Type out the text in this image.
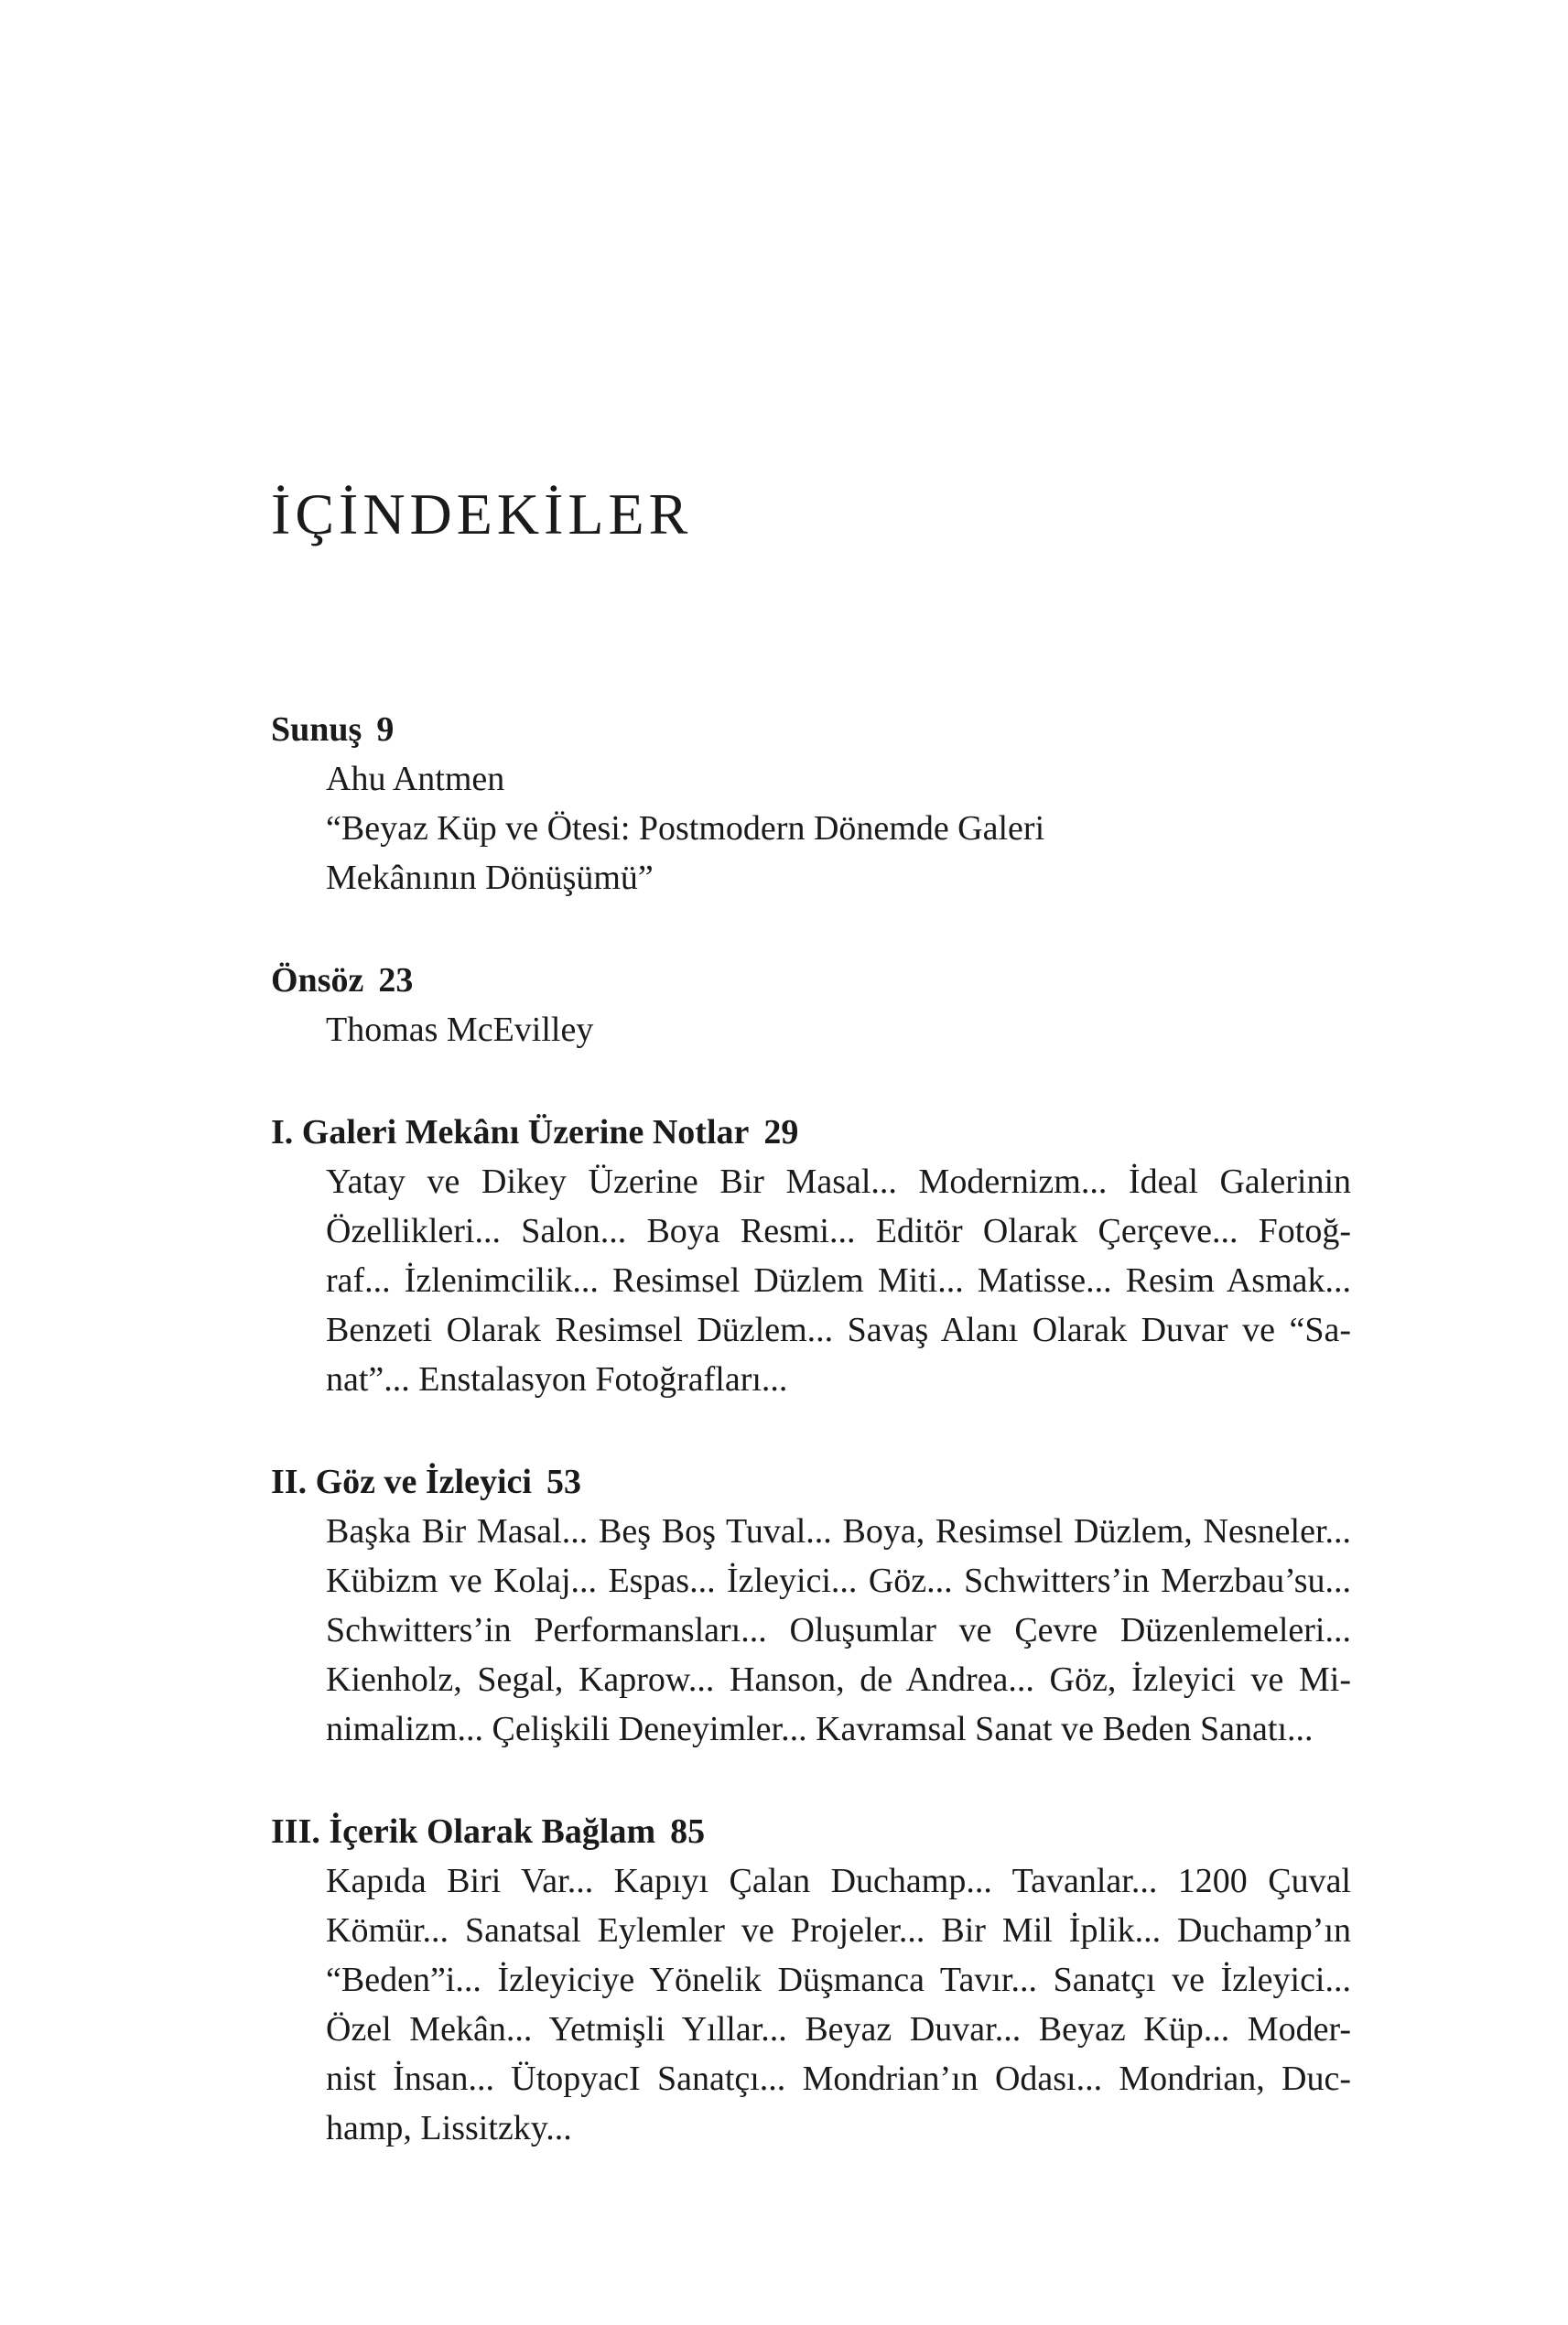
İÇİNDEKİLER

Sunuş 9

Ahu Antmen
“Beyaz Küp ve Ötesi: Postmodern Dönemde Galeri
Mekânının Dönüşümü”

Önsöz 23

Thomas McEvilley

I. Galeri Mekânı Üzerine Notlar 29

Yatay ve Dikey Üzerine Bir Masal... Modernizm... İdeal Galerinin
Özellikleri... Salon... Boya Resmi... Editör Olarak Çerçeve... Fotoğ-
raf... İzlenimcilik... Resimsel Düzlem Miti... Matisse... Resim Asmak...
Benzeti Olarak Resimsel Düzlem... Savaş Alanı Olarak Duvar ve “Sa-
nat”... Enstalasyon Fotoğrafları...

II. Göz ve İzleyici 53

Başka Bir Masal... Beş Boş Tuval... Boya, Resimsel Düzlem, Nesneler...
Kübizm ve Kolaj... Espas... İzleyici... Göz... Schwitters’in Merzbau’su...
Schwitters’in Performansları... Oluşumlar ve Çevre Düzenlemeleri...
Kienholz, Segal, Kaprow... Hanson, de Andrea... Göz, İzleyici ve Mi-
nimalizm... Çelişkili Deneyimler... Kavramsal Sanat ve Beden Sanatı...

III. İçerik Olarak Bağlam 85

Kapıda Biri Var... Kapıyı Çalan Duchamp... Tavanlar... 1200 Çuval
Kömür... Sanatsal Eylemler ve Projeler... Bir Mil İplik... Duchamp’ın
“Beden”i... İzleyiciye Yönelik Düşmanca Tavır... Sanatçı ve İzleyici...
Özel Mekân... Yetmişli Yıllar... Beyaz Duvar... Beyaz Küp... Moder-
nist İnsan... ÜtopyacI Sanatçı... Mondrian’ın Odası... Mondrian, Duc-
hamp, Lissitzky...
